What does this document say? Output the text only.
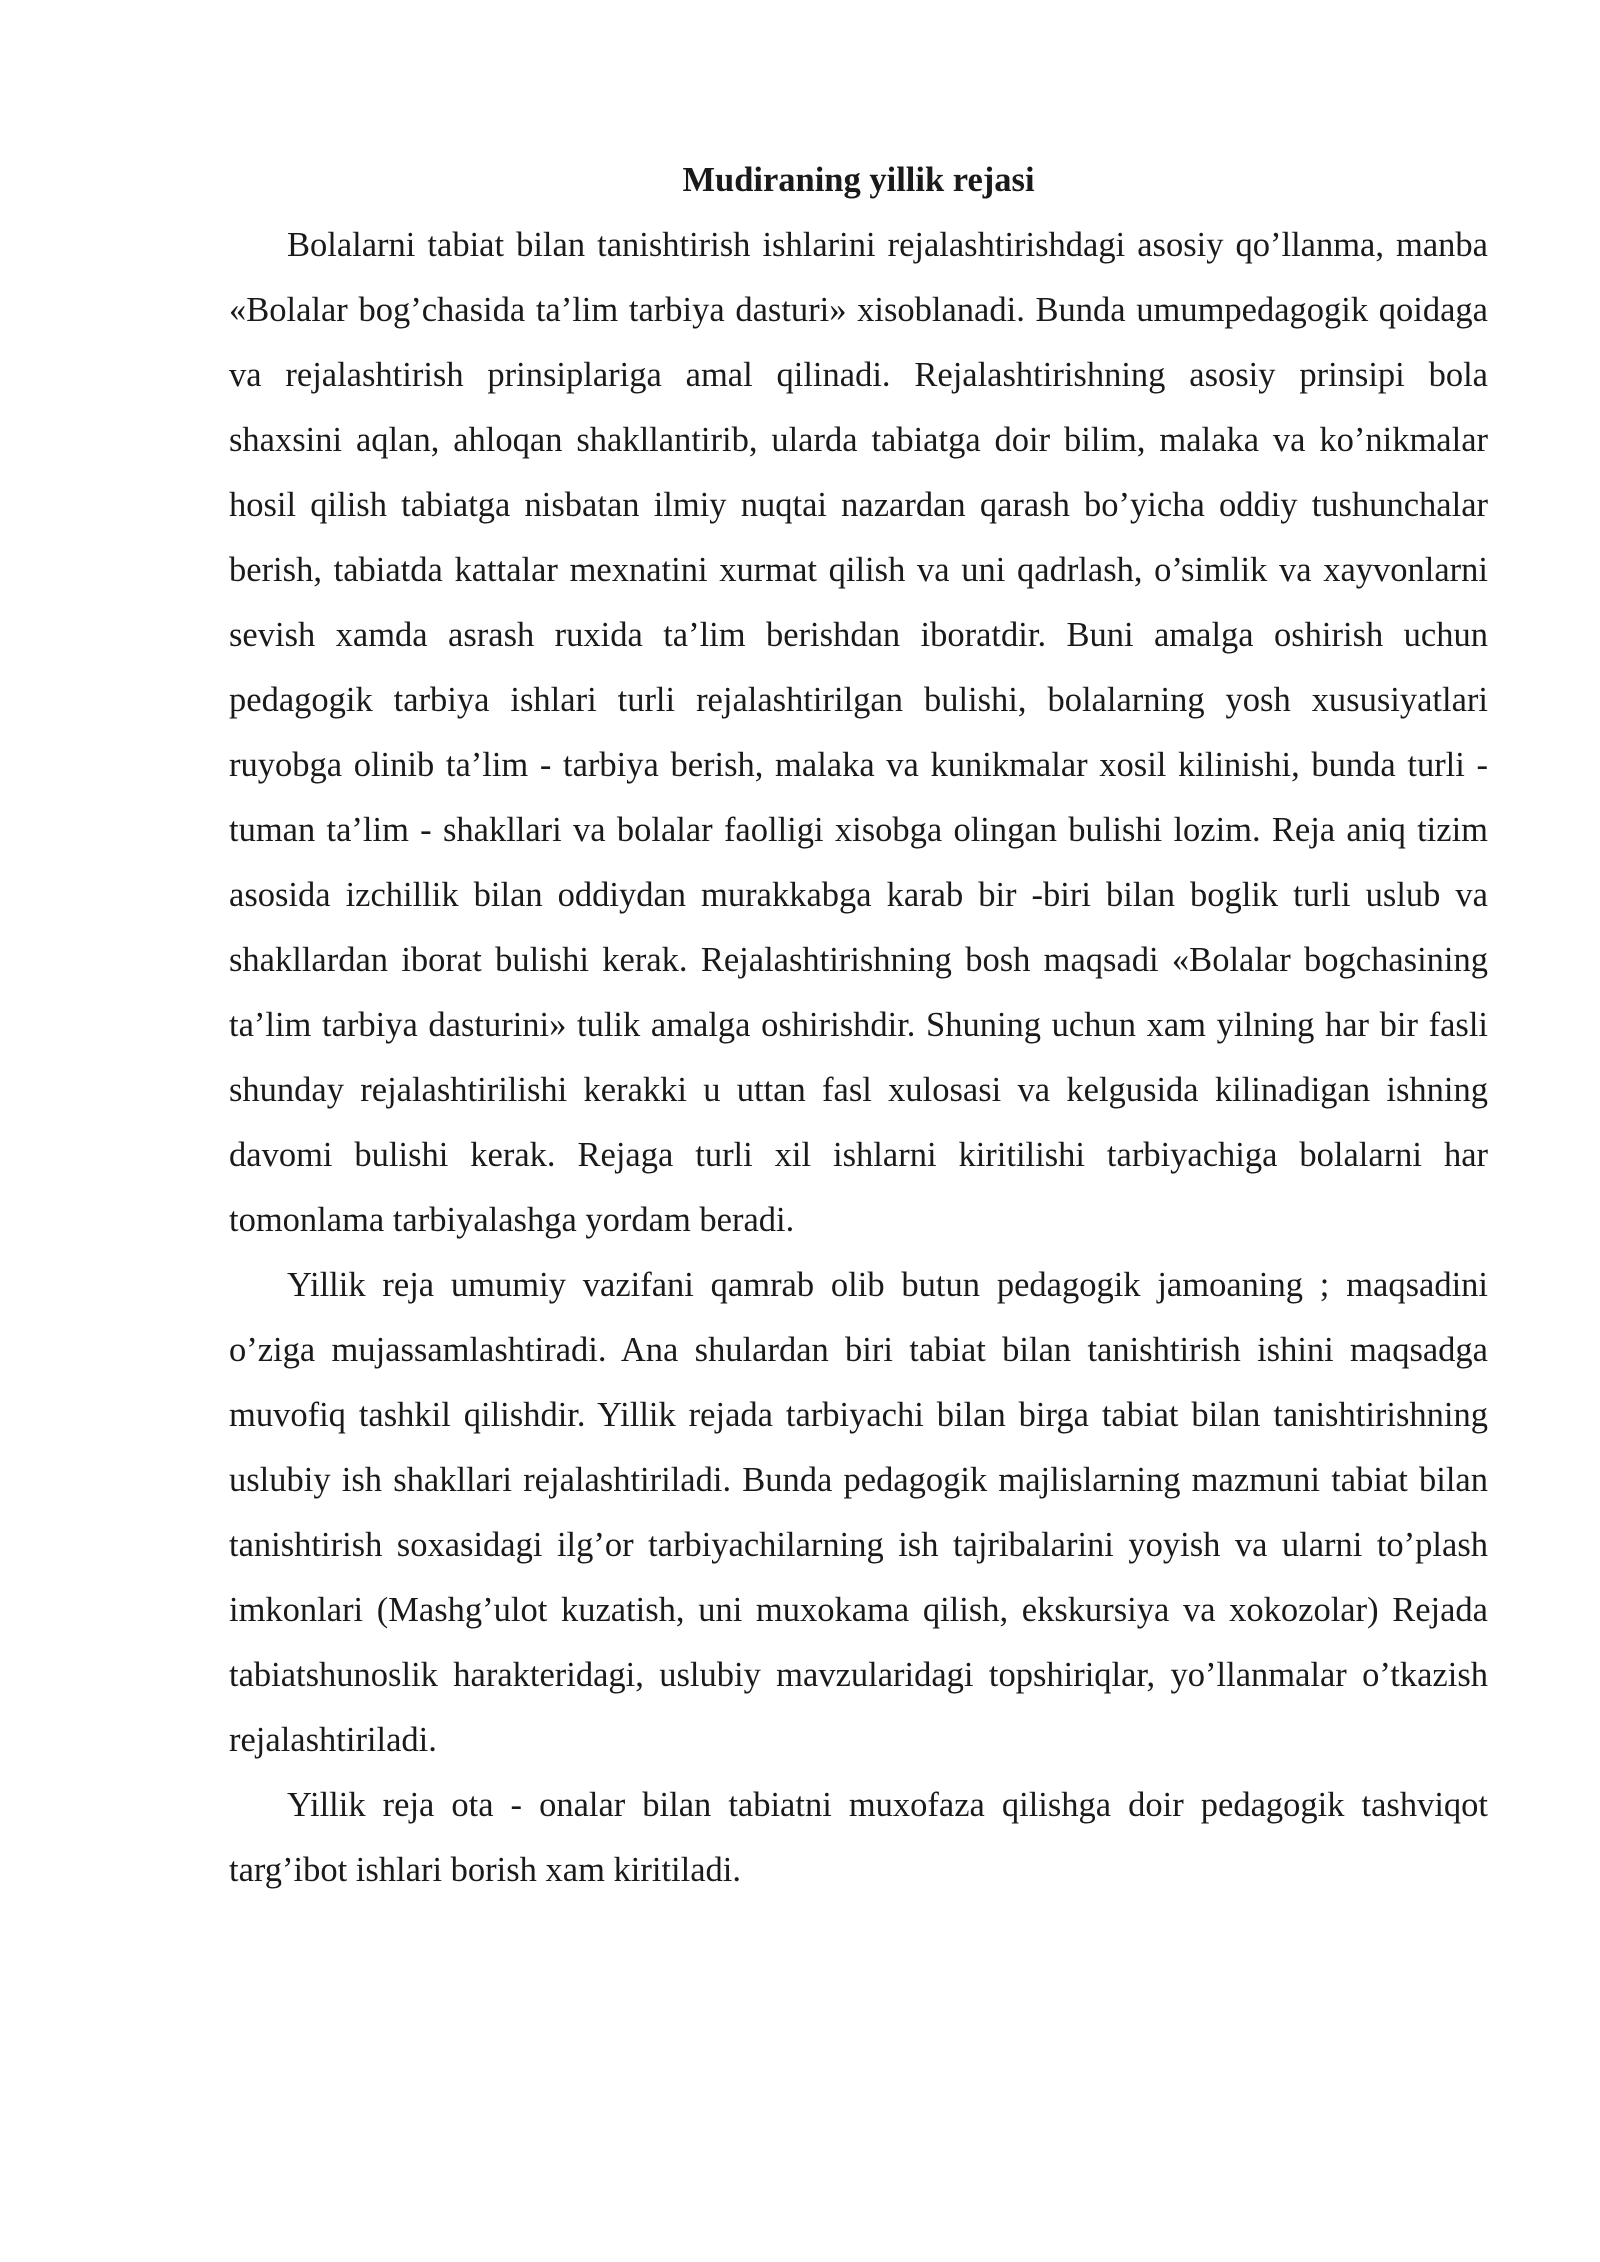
Mudiraning yillik rejasi

Bolalarni tabiat bilan tanishtirish ishlarini rejalashtirishdagi asosiy qo’llanma, manba «Bolalar bog’chasida ta’lim tarbiya dasturi» xisoblanadi. Bunda umumpedagogik qoidaga va rejalashtirish prinsiplariga amal qilinadi. Rejalashtirishning asosiy prinsipi bola shaxsini aqlan, ahloqan shakllantirib, ularda tabiatga doir bilim, malaka va ko’nikmalar hosil qilish tabiatga nisbatan ilmiy nuqtai nazardan qarash bo’yicha oddiy tushunchalar berish, tabiatda kattalar mexnatini xurmat qilish va uni qadrlash, o’simlik va xayvonlarni sevish xamda asrash ruxida ta’lim berishdan iboratdir. Buni amalga oshirish uchun pedagogik tarbiya ishlari turli rejalashtirilgan bulishi, bolalarning yosh xususiyatlari ruyobga olinib ta’lim - tarbiya berish, malaka va kunikmalar xosil kilinishi, bunda turli - tuman ta’lim - shakllari va bolalar faolligi xisobga olingan bulishi lozim. Reja aniq tizim asosida izchillik bilan oddiydan murakkabga karab bir -biri bilan boglik turli uslub va shakllardan iborat bulishi kerak. Rejalashtirishning bosh maqsadi «Bolalar bogchasining ta’lim tarbiya dasturini» tulik amalga oshirishdir. Shuning uchun xam yilning har bir fasli shunday rejalashtirilishi kerakki u uttan fasl xulosasi va kelgusida kilinadigan ishning davomi bulishi kerak. Rejaga turli xil ishlarni kiritilishi tarbiyachiga bolalarni har tomonlama tarbiyalashga yordam beradi.

Yillik reja umumiy vazifani qamrab olib butun pedagogik jamoaning ; maqsadini o’ziga mujassamlashtiradi. Ana shulardan biri tabiat bilan tanishtirish ishini maqsadga muvofiq tashkil qilishdir. Yillik rejada tarbiyachi bilan birga tabiat bilan tanishtirishning uslubiy ish shakllari rejalashtiriladi. Bunda pedagogik majlislarning mazmuni tabiat bilan tanishtirish soxasidagi ilg’or tarbiyachilarning ish tajribalarini yoyish va ularni to’plash imkonlari (Mashg’ulot kuzatish, uni muxokama qilish, ekskursiya va xokozolar) Rejada tabiatshunoslik harakteridagi, uslubiy mavzularidagi topshiriqlar, yo’llanmalar o’tkazish rejalashtiriladi.

Yillik reja ota - onalar bilan tabiatni muxofaza qilishga doir pedagogik tashviqot targ’ibot ishlari borish xam kiritiladi.
